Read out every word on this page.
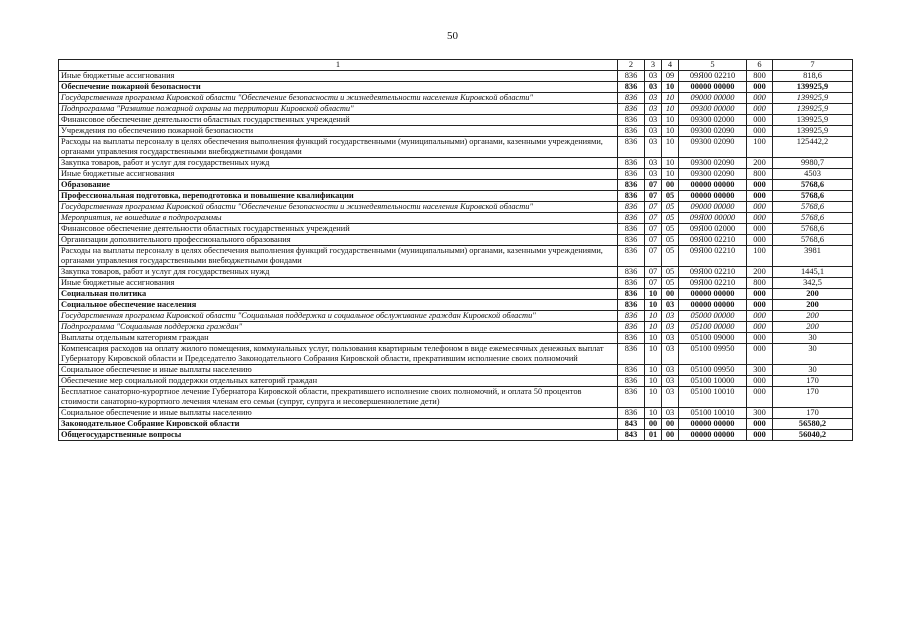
50
1	2	3	4	5	6	7
Иные бюджетные ассигнования	836	03	09	09Я00 02210	800	818,6
Обеспечение пожарной безопасности	836	03	10	00000 00000	000	139925,9
Государственная программа Кировской области "Обеспечение безопасности и жизнедеятельности населения Кировской области"	836	03	10	09000 00000	000	139925,9
Подпрограмма "Развитие пожарной охраны на территории Кировской области"	836	03	10	09300 00000	000	139925,9
Финансовое обеспечение деятельности областных государственных учреждений	836	03	10	09300 02000	000	139925,9
Учреждения по обеспечению пожарной безопасности	836	03	10	09300 02090	000	139925,9
Расходы на выплаты персоналу в целях обеспечения выполнения функций государственными (муниципальными) органами, казенными учреждениями, органами управления государственными внебюджетными фондами	836	03	10	09300 02090	100	125442,2
Закупка товаров, работ и услуг для государственных нужд	836	03	10	09300 02090	200	9980,7
Иные бюджетные ассигнования	836	03	10	09300 02090	800	4503
Образование	836	07	00	00000 00000	000	5768,6
Профессиональная подготовка, переподготовка и повышение квалификации	836	07	05	00000 00000	000	5768,6
Государственная программа Кировской области "Обеспечение безопасности и жизнедеятельности населения Кировской области"	836	07	05	09000 00000	000	5768,6
Мероприятия, не вошедшие в подпрограммы	836	07	05	09Я00 00000	000	5768,6
Финансовое обеспечение деятельности областных государственных учреждений	836	07	05	09Я00 02000	000	5768,6
Организации дополнительного профессионального образования	836	07	05	09Я00 02210	000	5768,6
Расходы на выплаты персоналу в целях обеспечения выполнения функций государственными (муниципальными) органами, казенными учреждениями, органами управления государственными внебюджетными фондами	836	07	05	09Я00 02210	100	3981
Закупка товаров, работ и услуг для государственных нужд	836	07	05	09Я00 02210	200	1445,1
Иные бюджетные ассигнования	836	07	05	09Я00 02210	800	342,5
Социальная политика	836	10	00	00000 00000	000	200
Социальное обеспечение населения	836	10	03	00000 00000	000	200
Государственная программа Кировской области "Социальная поддержка и социальное обслуживание граждан Кировской области"	836	10	03	05000 00000	000	200
Подпрограмма "Социальная поддержка граждан"	836	10	03	05100 00000	000	200
Выплаты отдельным категориям граждан	836	10	03	05100 09000	000	30
Компенсация расходов на оплату жилого помещения, коммунальных услуг, пользования квартирным телефоном в виде ежемесячных денежных выплат Губернатору Кировской области и Председателю Законодательного Собрания Кировской области, прекратившим исполнение своих полномочий	836	10	03	05100 09950	000	30
Социальное обеспечение и иные выплаты населению	836	10	03	05100 09950	300	30
Обеспечение мер социальной поддержки отдельных категорий граждан	836	10	03	05100 10000	000	170
Бесплатное санаторно-курортное лечение Губернатора Кировской области, прекратившего исполнение своих полномочий, и оплата 50 процентов стоимости санаторно-курортного лечения членам его семьи (супруг, супруга и несовершеннолетние дети)	836	10	03	05100 10010	000	170
Социальное обеспечение и иные выплаты населению	836	10	03	05100 10010	300	170
Законодательное Собрание Кировской области	843	00	00	00000 00000	000	56580,2
Общегосударственные вопросы	843	01	00	00000 00000	000	56040,2
